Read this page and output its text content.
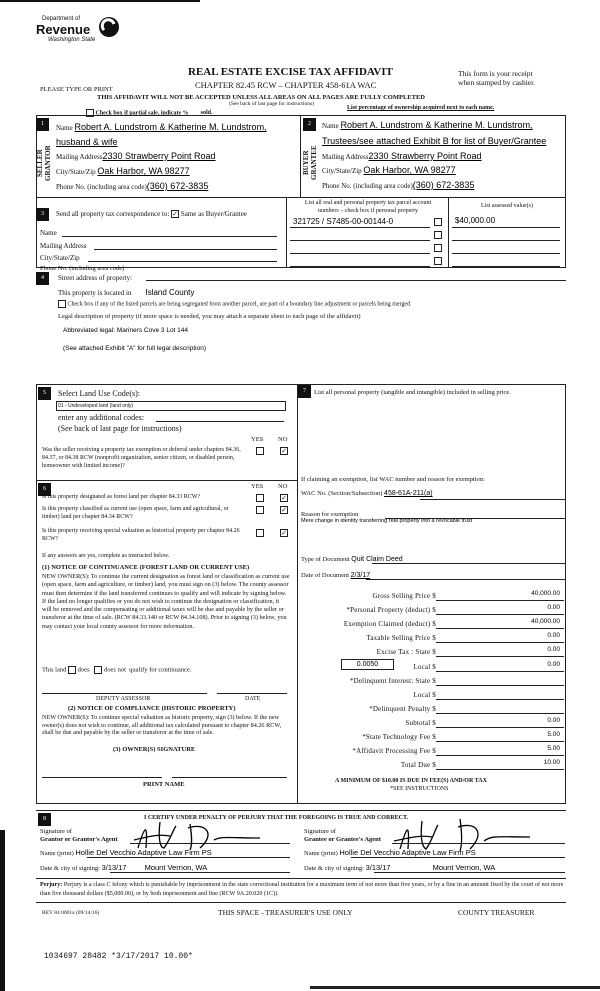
Department of
Revenue
Washington State
REAL ESTATE EXCISE TAX AFFIDAVIT
CHAPTER 82.45 RCW – CHAPTER 458-61A WAC
This form is your receipt
when stamped by cashier.
PLEASE TYPE OR PRINT
THIS AFFIDAVIT WILL NOT BE ACCEPTED UNLESS ALL AREAS ON ALL PAGES ARE FULLY COMPLETED
(See back of last page for instructions)
Check box if partial sale, indicate % sold.
List percentage of ownership acquired next to each name.
1
SELLER GRANTOR
Name Robert A. Lundstrom & Katherine M. Lundstrom,
husband & wife
Mailing Address2330 Strawberry Point Road
City/State/Zip Oak Harbor, WA 98277
Phone No. (including area code)(360) 672-3835
2
BUYER GRANTEE
Name Robert A. Lundstrom & Katherine M. Lundstrom,
Trustees/see attached Exhibit B for list of Buyer/Grantee
Mailing Address2330 Strawberry Point Road
City/State/Zip Oak Harbor, WA 98277
Phone No. (including area code)(360) 672-3835
3	Send all property tax correspondence to: ✓ Same as Buyer/Grantee
Name
Mailing Address
City/State/Zip
Phone No. (including area code)
List all real and personal property tax parcel account
numbers – check box if personal property
List assessed value(s)
321725 / S7485-00-00144-0	$40,000.00
4	Street address of property:
This property is located in Island County
Check box if any of the listed parcels are being segregated from another parcel, are part of a boundary line adjustment or parcels being merged.
Legal description of property (if more space is needed, you may attach a separate sheet to each page of the affidavit)
Abbreviated legal: Mariners Cove 3 Lot 144
(See attached Exhibit "A" for full legal description)
5	Select Land Use Code(s):
01 - Undeveloped land (land only)
enter any additional codes:
(See back of last page for instructions)
YES NO
Was the seller receiving a property tax exemption or deferral under chapters 84.36, 84.37, or 84.38 RCW (nonprofit organization, senior citizen, or disabled person, homeowner with limited income)?
✓
6	YES NO
Is this property designated as forest land per chapter 84.33 RCW?	✓
Is this property classified as current use (open space, farm and agricultural, or timber) land per chapter 84.34 RCW?
✓
Is this property receiving special valuation as historical property per chapter 84.26 RCW?
✓
If any answers are yes, complete as instructed below.
(1) NOTICE OF CONTINUANCE (FOREST LAND OR CURRENT USE)
NEW OWNER(S): To continue the current designation as forest land or classification as current use (open space, farm and agriculture, or timber) land, you must sign on (3) below. The county assessor must then determine if the land transferred continues to qualify and will indicate by signing below. If the land no longer qualifies or you do not wish to continue the designation or classification, it will be removed and the compensating or additional taxes will be due and payable by the seller or transferor at the time of sale. (RCW 84.33.140 or RCW 84.34.108). Prior to signing (3) below, you may contact your local county assessor for more information.
This land does does not qualify for continuance.
DEPUTY ASSESSOR	DATE
(2) NOTICE OF COMPLIANCE (HISTORIC PROPERTY)
NEW OWNER(S): To continue special valuation as historic property, sign (3) below. If the new owner(s) does not wish to continue, all additional tax calculated pursuant to chapter 84.26 RCW, shall be due and payable by the seller or transferor at the time of sale.
(3) OWNER(S) SIGNATURE
PRINT NAME
7	List all personal property (tangible and intangible) included in selling price.
If claiming an exemption, list WAC number and reason for exemption:
WAC No. (Section/Subsection) 458-61A-211(a)
Reason for exemption
Mere change in identity transferring real property into a revocable trust
Type of Document Quit Claim Deed
Date of Document 2/3/17
0.0050
Gross Selling Price $	40,000.00
*Personal Property (deduct) $	0.00
Exemption Claimed (deduct) $	40,000.00
Taxable Selling Price $	0.00
Excise Tax : State $	0.00
Local $	0.00
*Delinquent Interest: State $
Local $
*Delinquent Penalty $
Subtotal $	0.00
*State Technology Fee $	5.00
*Affidavit Processing Fee $	5.00
Total Due $	10.00
A MINIMUM OF $10.00 IS DUE IN FEE(S) AND/OR TAX
*SEE INSTRUCTIONS
8	I CERTIFY UNDER PENALTY OF PERJURY THAT THE FOREGOING IS TRUE AND CORRECT.
Signature of
Grantor or Grantor's Agent
Name (print) Hollie Del Vecchio Adaptive Law Firm PS
Date & city of signing: 3/13/17 Mount Vernon, WA
Signature of
Grantee or Grantee's Agent
Name (print) Hollie Del Vecchio Adaptive Law Firm PS
Date & city of signing: 3/13/17	Mount Vernon, WA
Perjury: Perjury is a class C felony which is punishable by imprisonment in the state correctional institution for a maximum term of not more than five years, or by a fine in an amount fixed by the court of not more than five thousand dollars ($5,000.00), or by both imprisonment and fine (RCW 9A.20.020 (1C)).
REV 84 0001a (09/14/16)	THIS SPACE - TREASURER'S USE ONLY	COUNTY TREASURER
1034697 28482 *3/17/2017 10.00*
